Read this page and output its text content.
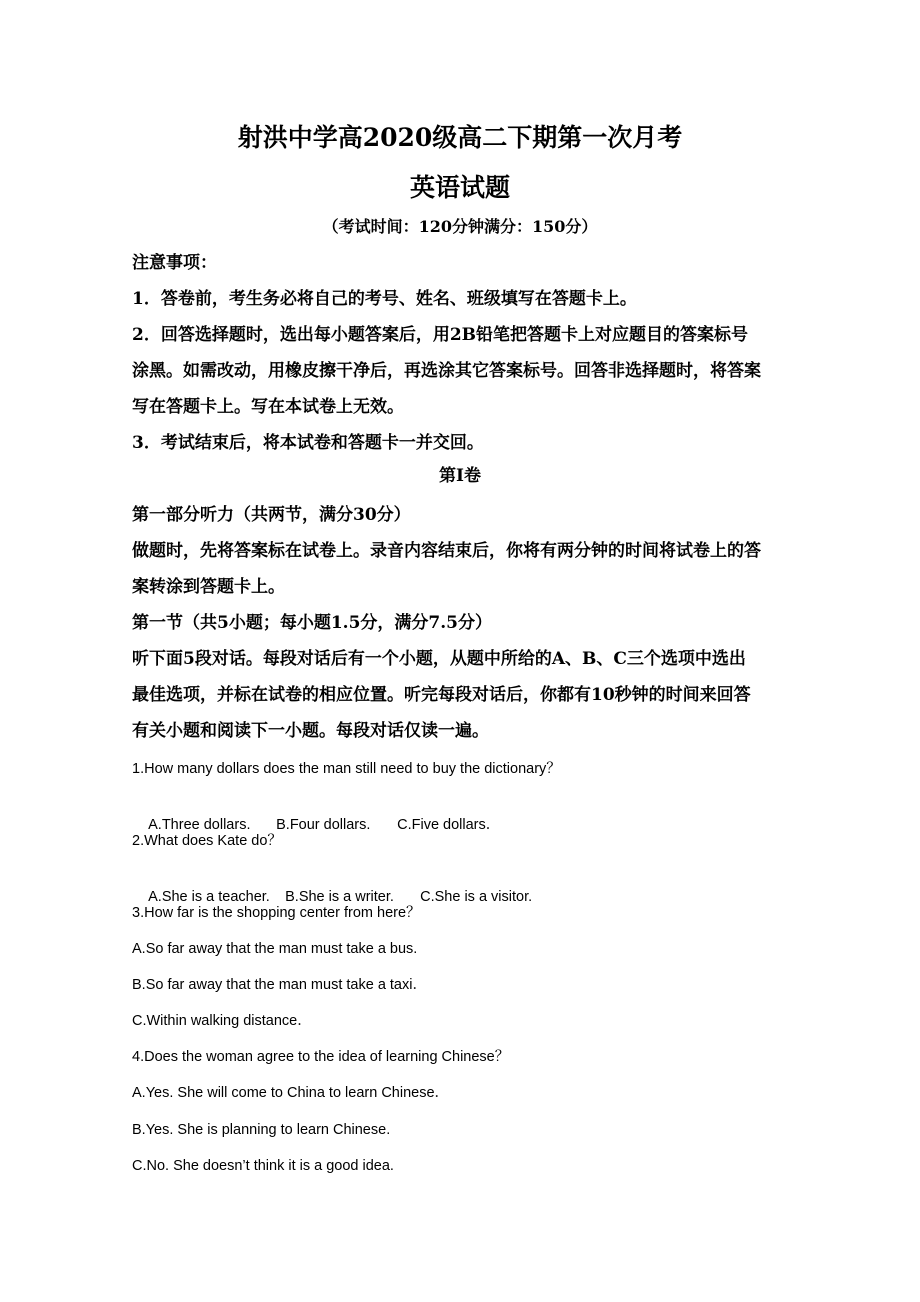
射洪中学高2020级高二下期第一次月考
英语试题
（考试时间：120分钟满分：150分）
注意事项：
1．答卷前，考生务必将自己的考号、姓名、班级填写在答题卡上。
2．回答选择题时，选出每小题答案后，用2B铅笔把答题卡上对应题目的答案标号
涂黑。如需改动，用橡皮擦干净后，再选涂其它答案标号。回答非选择题时，将答案
写在答题卡上。写在本试卷上无效。
3．考试结束后，将本试卷和答题卡一并交回。
第I卷
第一部分听力（共两节，满分30分）
做题时，先将答案标在试卷上。录音内容结束后，你将有两分钟的时间将试卷上的答
案转涂到答题卡上。
第一节（共5小题；每小题1.5分，满分7.5分）
听下面5段对话。每段对话后有一个小题，从题中所给的A、B、C三个选项中选出
最佳选项，并标在试卷的相应位置。听完每段对话后，你都有10秒钟的时间来回答
有关小题和阅读下一小题。每段对话仅读一遍。
1.How many dollars does the man still need to buy the dictionary？

A.Three dollars. B.Four dollars. C.Five dollars．

2.What does Kate do？

A.She is a teacher. B.She is a writer. C.She is a visitor.

3.How far is the shopping center from here？
A.So far away that the man must take a bus.
B.So far away that the man must take a taxi．
C.Within walking distance．
4.Does the woman agree to the idea of learning Chinese？
A.Yes. She will come to China to learn Chinese．
B.Yes. She is planning to learn Chinese.
C.No. She doesn’t think it is a good idea.
